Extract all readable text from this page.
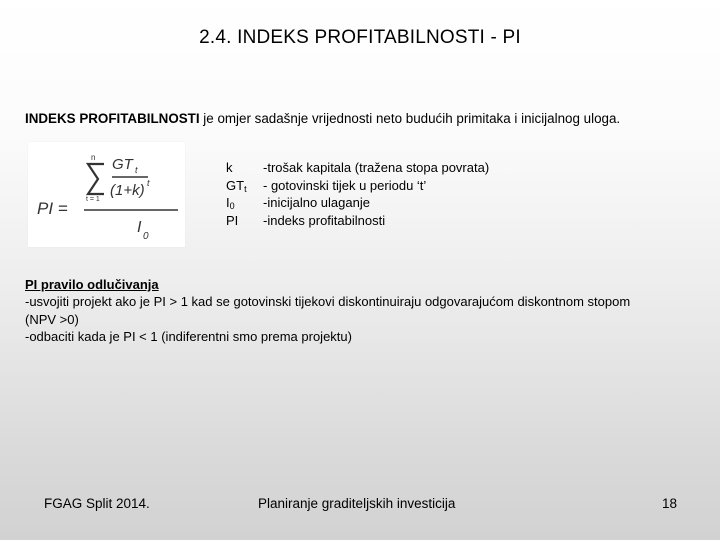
2.4. INDEKS PROFITABILNOSTI - PI
INDEKS PROFITABILNOSTI je omjer sadašnje vrijednosti neto budućih primitaka i inicijalnog uloga.
PI =
n
t = 1
GT t
(1+k) t
I
0
k -trošak kapitala (tražena stopa povrata)
$GT_t$ - gotovinski tijek u periodu ‘t’
$I_0$ -inicijalno ulaganje
PI -indeks profitabilnosti
PI pravilo odlučivanja
-usvojiti projekt ako je PI > 1 kad se gotovinski tijekovi diskontinuiraju odgovarajućom diskontnom stopom
(NPV >0)
-odbaciti kada je PI < 1 (indiferentni smo prema projektu)
FGAG Split 2014.	Planiranje graditeljskih investicija	18
